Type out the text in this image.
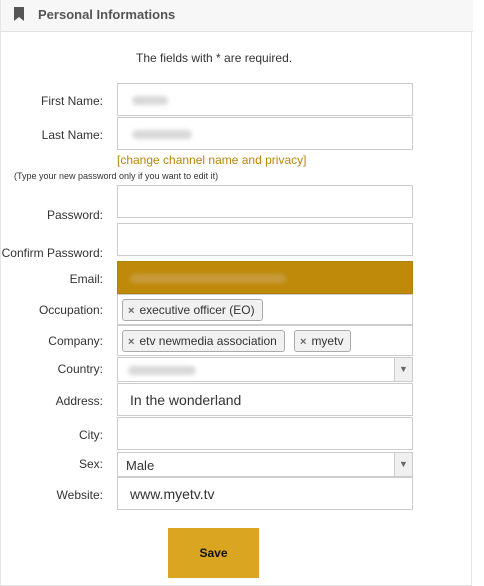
Personal Informations
The fields with * are required.
First Name:
Last Name:
[change channel name and privacy]
(Type your new password only if you want to edit it)
Password:
Confirm Password:
Email:
Occupation:	× executive officer (EO)
Company:	× etv newmedia association	× myetv
Country:	▼
Address: In the wonderland
City:
Sex: Male	▼
Website: www.myetv.tv
Save
